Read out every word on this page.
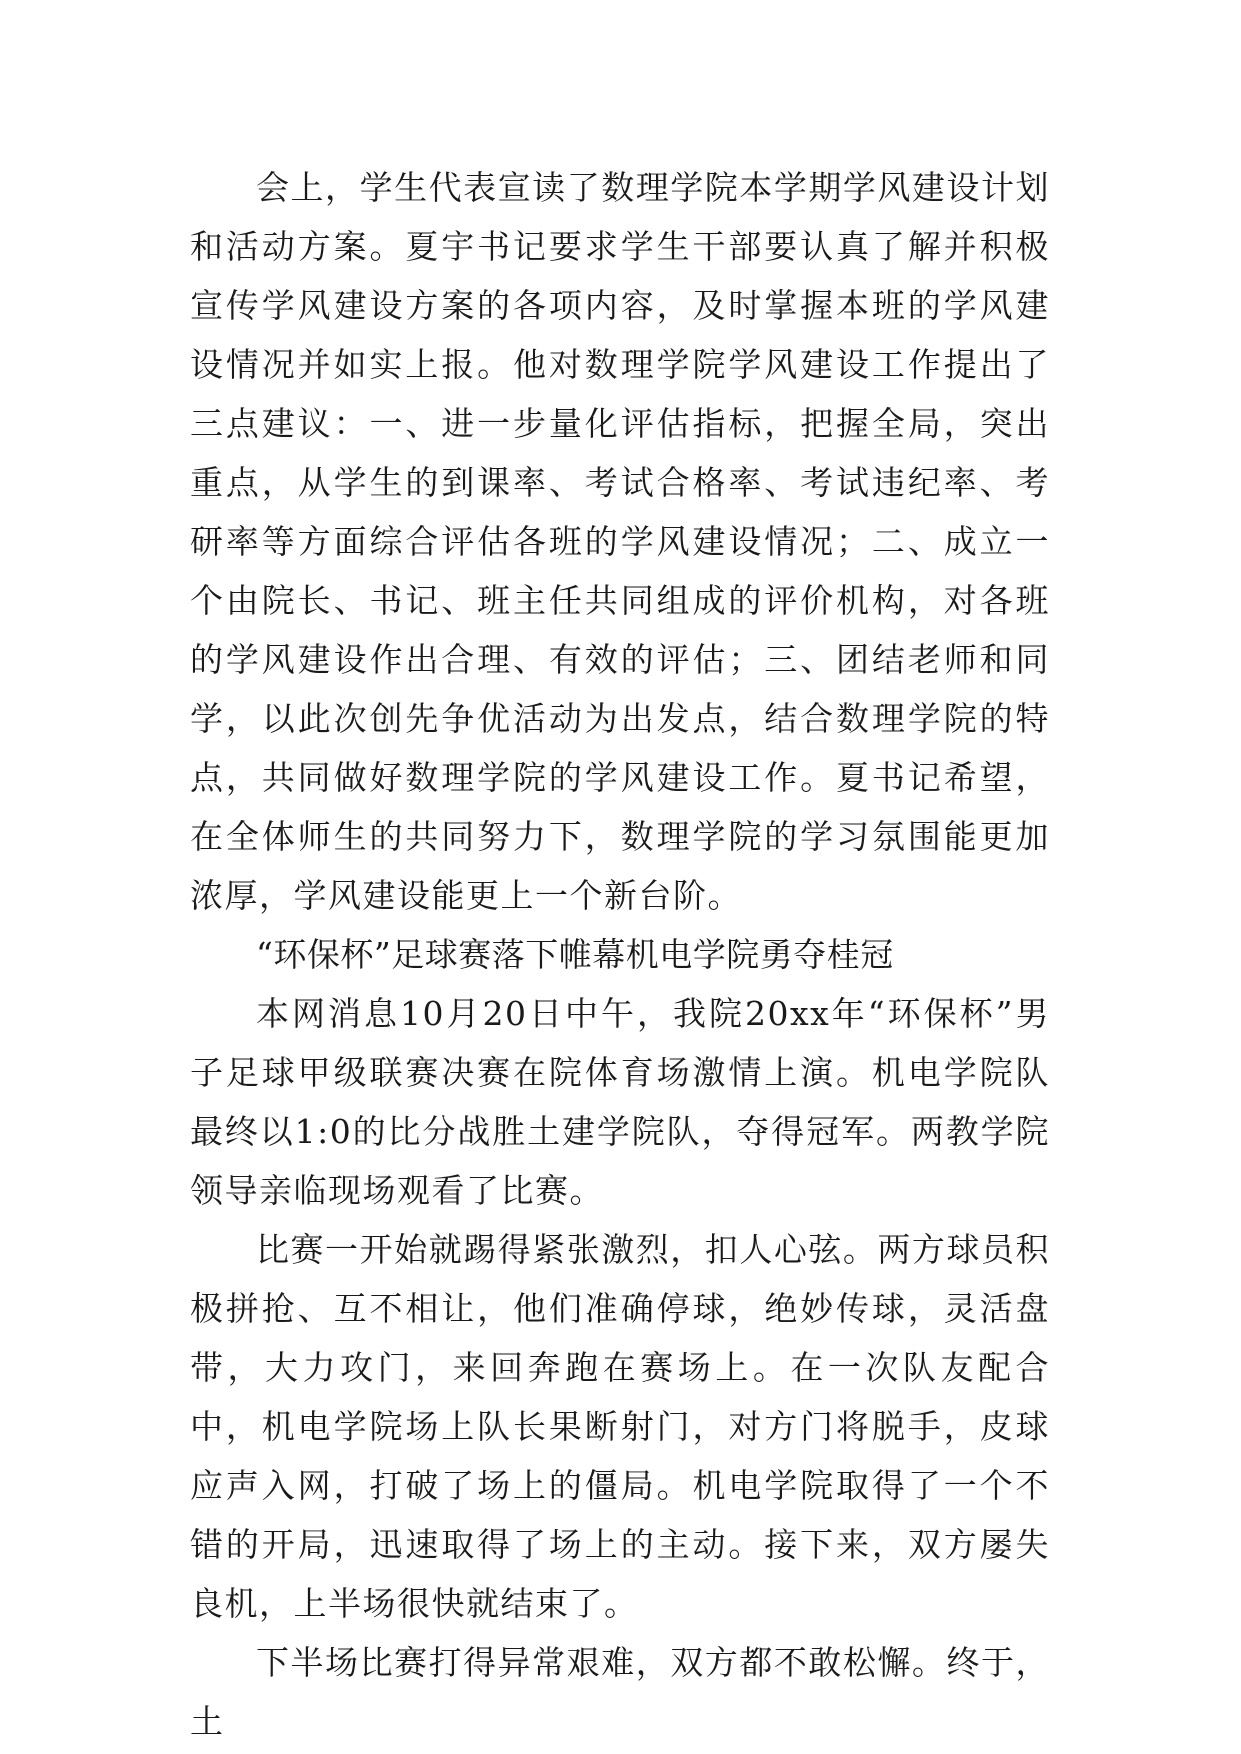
会上，学生代表宣读了数理学院本学期学风建设计划和活动方案。夏宇书记要求学生干部要认真了解并积极宣传学风建设方案的各项内容，及时掌握本班的学风建设情况并如实上报。他对数理学院学风建设工作提出了三点建议：一、进一步量化评估指标，把握全局，突出重点，从学生的到课率、考试合格率、考试违纪率、考研率等方面综合评估各班的学风建设情况；二、成立一个由院长、书记、班主任共同组成的评价机构，对各班的学风建设作出合理、有效的评估；三、团结老师和同学，以此次创先争优活动为出发点，结合数理学院的特点，共同做好数理学院的学风建设工作。夏书记希望，在全体师生的共同努力下，数理学院的学习氛围能更加浓厚，学风建设能更上一个新台阶。

“环保杯”足球赛落下帷幕机电学院勇夺桂冠

本网消息10月20日中午，我院20xx年“环保杯”男子足球甲级联赛决赛在院体育场激情上演。机电学院队最终以1:0的比分战胜土建学院队，夺得冠军。两教学院领导亲临现场观看了比赛。

比赛一开始就踢得紧张激烈，扣人心弦。两方球员积极拼抢、互不相让，他们准确停球，绝妙传球，灵活盘带，大力攻门，来回奔跑在赛场上。在一次队友配合中，机电学院场上队长果断射门，对方门将脱手，皮球应声入网，打破了场上的僵局。机电学院取得了一个不错的开局，迅速取得了场上的主动。接下来，双方屡失良机，上半场很快就结束了。

下半场比赛打得异常艰难，双方都不敢松懈。终于，土
